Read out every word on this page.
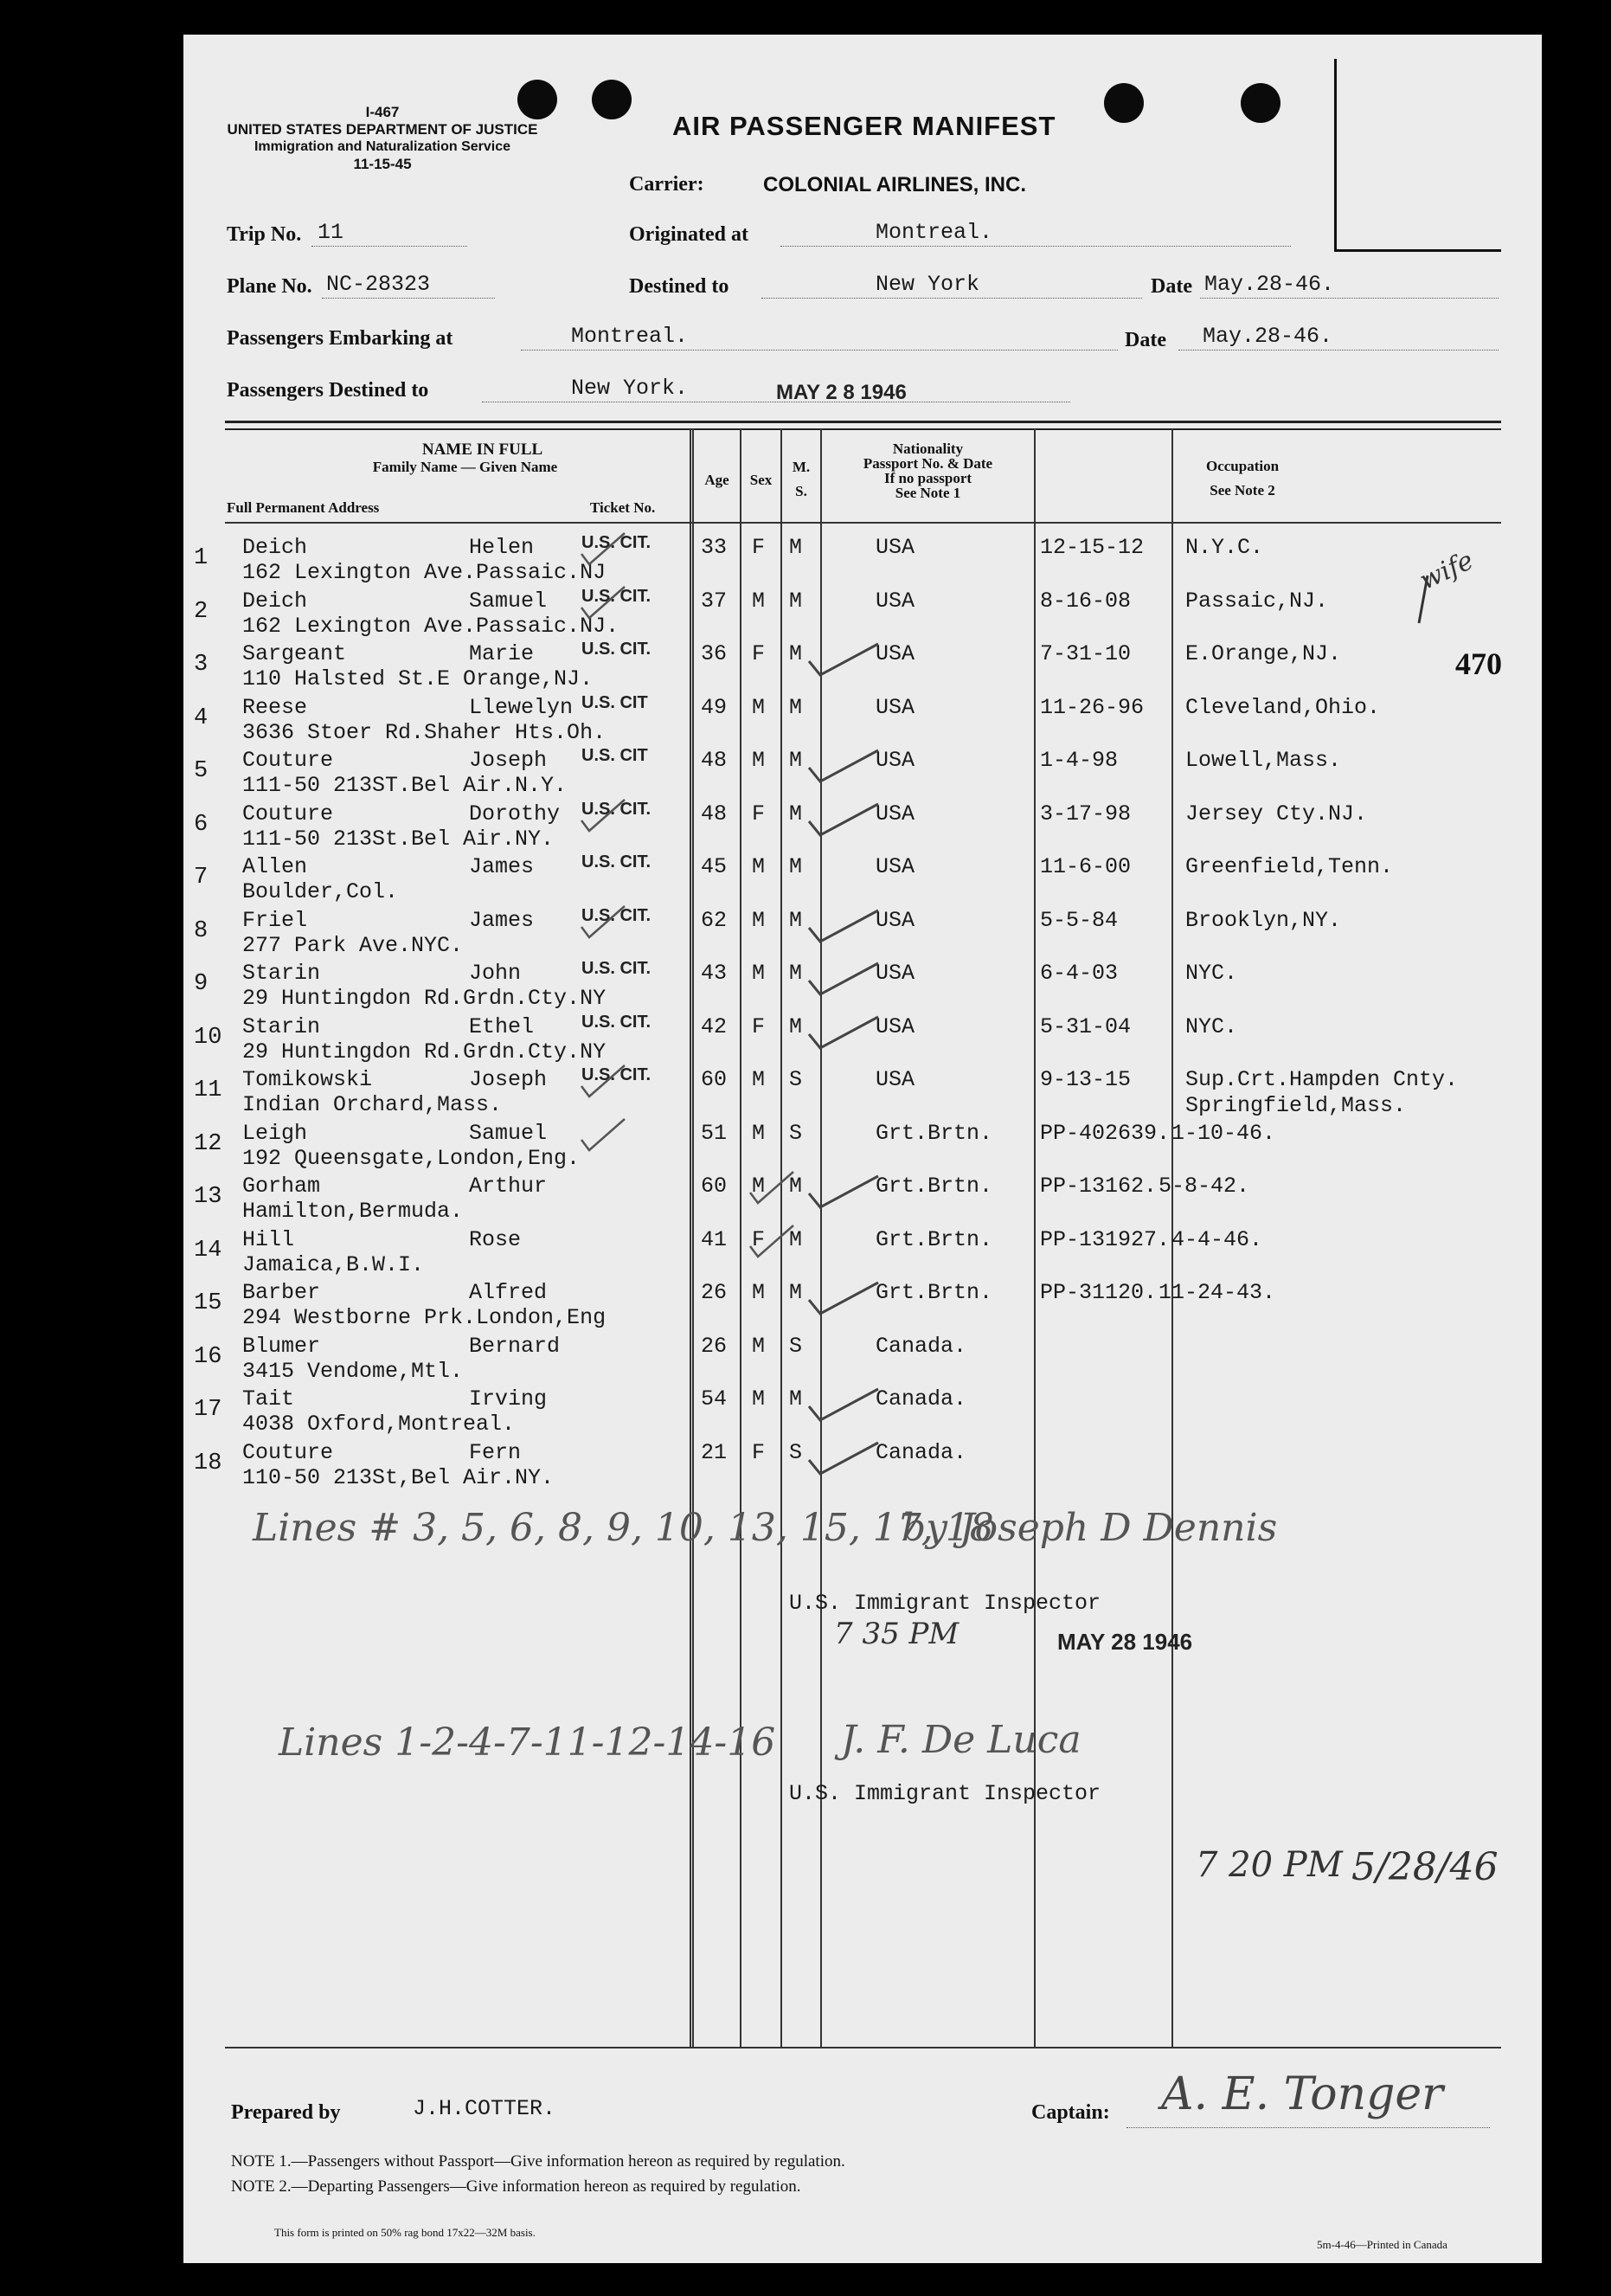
I-467
UNITED STATES DEPARTMENT OF JUSTICE
Immigration and Naturalization Service
11-15-45
AIR PASSENGER MANIFEST
Carrier:	COLONIAL AIRLINES, INC.
Trip No. 11	Originated at	Montreal.
Plane No. NC-28323	Destined to	New York	Date May.28-46.
Passengers Embarking at	Montreal.	Date May.28-46.
Passengers Destined to	New York.	MAY 2 8 1946
NAME IN FULL
Family Name — Given Name
Full Permanent Address	Ticket No.
Age	Sex
M.
S.
Nationality
Passport No. & Date
If no passport
See Note 1
Occupation
See Note 2
1 Deich	Helen
162 Lexington Ave.Passaic.NJ
U.S. CIT. 33 F M	USA	12-15-12 N.Y.C.
2 Deich	Samuel
162 Lexington Ave.Passaic.NJ.
U.S. CIT. 37 M M	USA	8-16-08	Passaic,NJ.
3 Sargeant	Marie
110 Halsted St.E Orange,NJ.
U.S. CIT. 36 F M	USA	7-31-10	E.Orange,NJ.
4 Reese	Llewelyn
3636 Stoer Rd.Shaher Hts.Oh.
U.S. CIT 49 M M	USA	11-26-96 Cleveland,Ohio.
5 Couture	Joseph
111-50 213ST.Bel Air.N.Y.
U.S. CIT 48 M M	USA	1-4-98	Lowell,Mass.
6 Couture	Dorothy
111-50 213St.Bel Air.NY.
U.S. CIT. 48 F M	USA	3-17-98	Jersey Cty.NJ.
7 Allen	James
Boulder,Col.
U.S. CIT. 45 M M	USA	11-6-00	Greenfield,Tenn.
8 Friel	James
277 Park Ave.NYC.
U.S. CIT. 62 M M	USA	5-5-84	Brooklyn,NY.
9 Starin	John
29 Huntingdon Rd.Grdn.Cty.NY
U.S. CIT. 43 M M	USA	6-4-03	NYC.
10 Starin	Ethel
29 Huntingdon Rd.Grdn.Cty.NY
U.S. CIT. 42 F M	USA	5-31-04	NYC.
11 Tomikowski	Joseph
Indian Orchard,Mass.
U.S. CIT. 60 M S	USA	9-13-15	Sup.Crt.Hampden Cnty.
Springfield,Mass.
12 Leigh	Samuel
192 Queensgate,London,Eng.
51 M S	Grt.Brtn. PP-402639. 1-10-46.
13 Gorham	Arthur
Hamilton,Bermuda.
60 M M	Grt.Brtn. PP-13162. 5-8-42.
14 Hill	Rose
Jamaica,B.W.I.
41 F M	Grt.Brtn. PP-131927. 4-4-46.
15 Barber	Alfred
294 Westborne Prk.London,Eng
26 M M	Grt.Brtn. PP-31120. 11-24-43.
16 Blumer	Bernard
3415 Vendome,Mtl.
26 M S	Canada.
17 Tait	Irving
4038 Oxford,Montreal.
54 M M	Canada.
18 Couture	Fern
110-50 213St,Bel Air.NY.
21 F S	Canada.
470
wife
Lines # 3, 5, 6, 8, 9, 10, 13, 15, 17, 18
by Joseph D Dennis
U.S. Immigrant Inspector
7 35 PM	MAY 28 1946
Lines 1-2-4-7-11-12-14-16 J. F. De Luca
U.S. Immigrant Inspector
7 20 PM 5/28/46
Prepared by	J.H.COTTER.	Captain: A. E. Tonger
NOTE 1.—Passengers without Passport—Give information hereon as required by regulation.
NOTE 2.—Departing Passengers—Give information hereon as required by regulation.
This form is printed on 50% rag bond 17x22—32M basis.
5m-4-46—Printed in Canada
